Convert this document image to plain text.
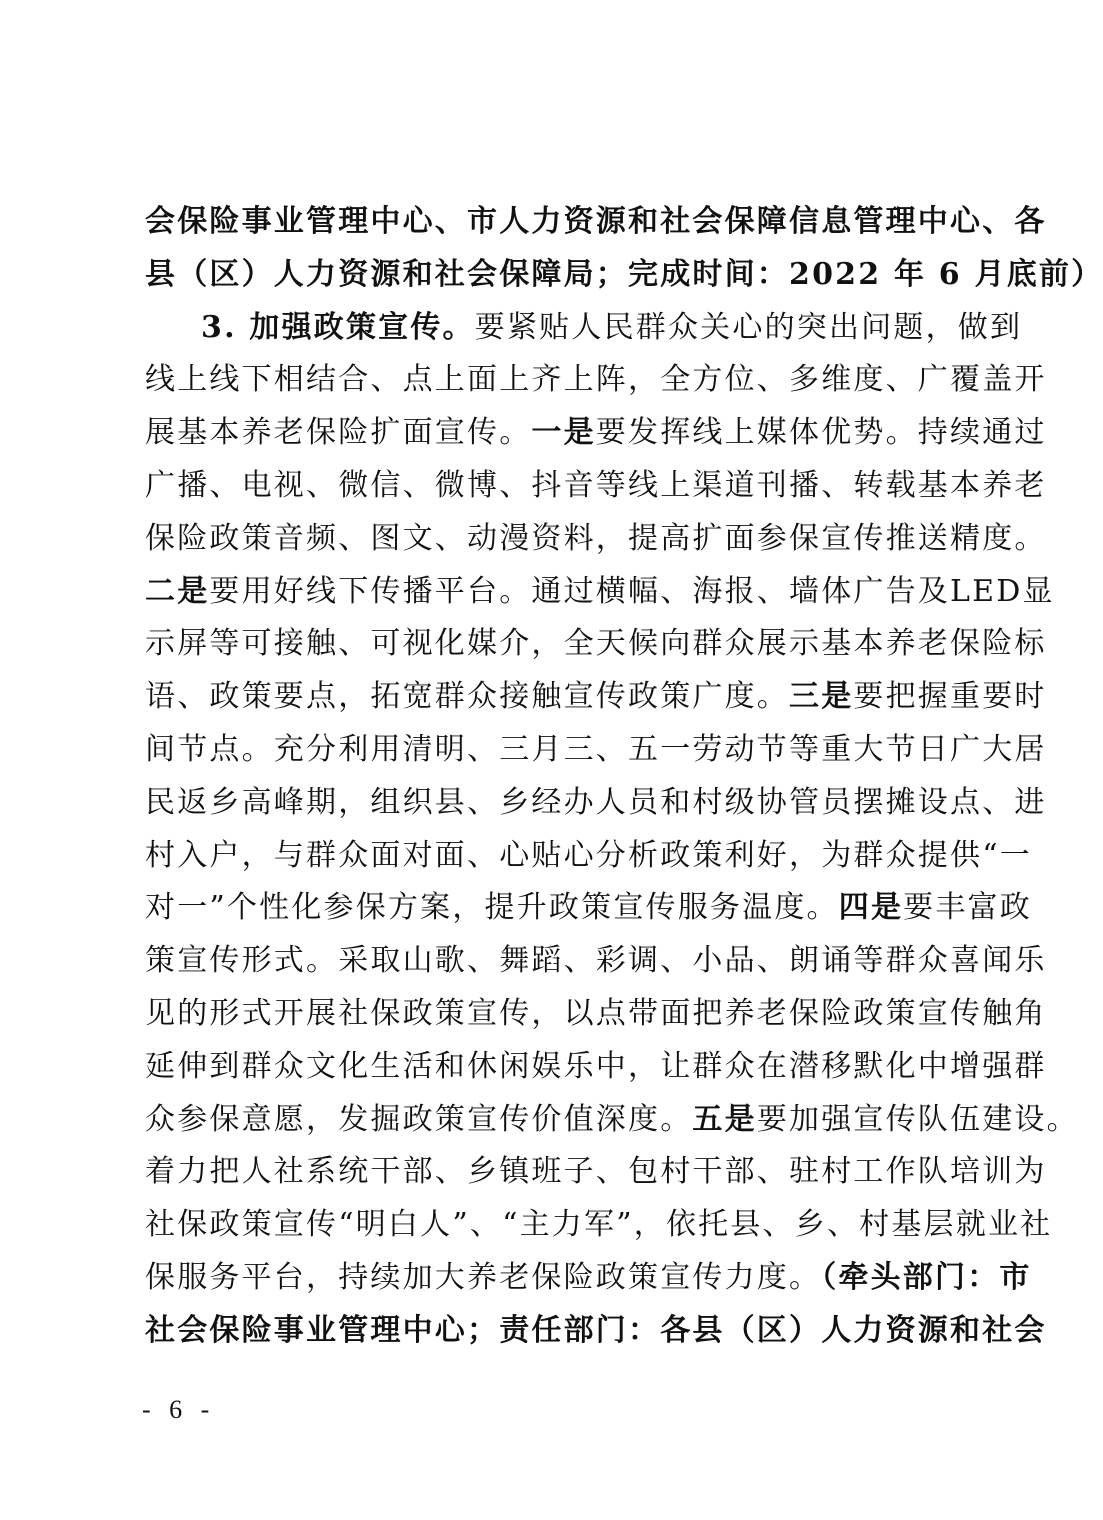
会保险事业管理中心、市人力资源和社会保障信息管理中心、各
县（区）人力资源和社会保障局；完成时间：2022 年 6 月底前）
3. 加强政策宣传。要紧贴人民群众关心的突出问题，做到
线上线下相结合、点上面上齐上阵，全方位、多维度、广覆盖开
展基本养老保险扩面宣传。一是要发挥线上媒体优势。持续通过
广播、电视、微信、微博、抖音等线上渠道刊播、转载基本养老
保险政策音频、图文、动漫资料，提高扩面参保宣传推送精度。
二是要用好线下传播平台。通过横幅、海报、墙体广告及LED显
示屏等可接触、可视化媒介，全天候向群众展示基本养老保险标
语、政策要点，拓宽群众接触宣传政策广度。三是要把握重要时
间节点。充分利用清明、三月三、五一劳动节等重大节日广大居
民返乡高峰期，组织县、乡经办人员和村级协管员摆摊设点、进
村入户，与群众面对面、心贴心分析政策利好，为群众提供“一
对一”个性化参保方案，提升政策宣传服务温度。四是要丰富政
策宣传形式。采取山歌、舞蹈、彩调、小品、朗诵等群众喜闻乐
见的形式开展社保政策宣传，以点带面把养老保险政策宣传触角
延伸到群众文化生活和休闲娱乐中，让群众在潜移默化中增强群
众参保意愿，发掘政策宣传价值深度。五是要加强宣传队伍建设。
着力把人社系统干部、乡镇班子、包村干部、驻村工作队培训为
社保政策宣传“明白人”、“主力军”，依托县、乡、村基层就业社
保服务平台，持续加大养老保险政策宣传力度。（牵头部门：市
社会保险事业管理中心；责任部门：各县（区）人力资源和社会
- 6 -
